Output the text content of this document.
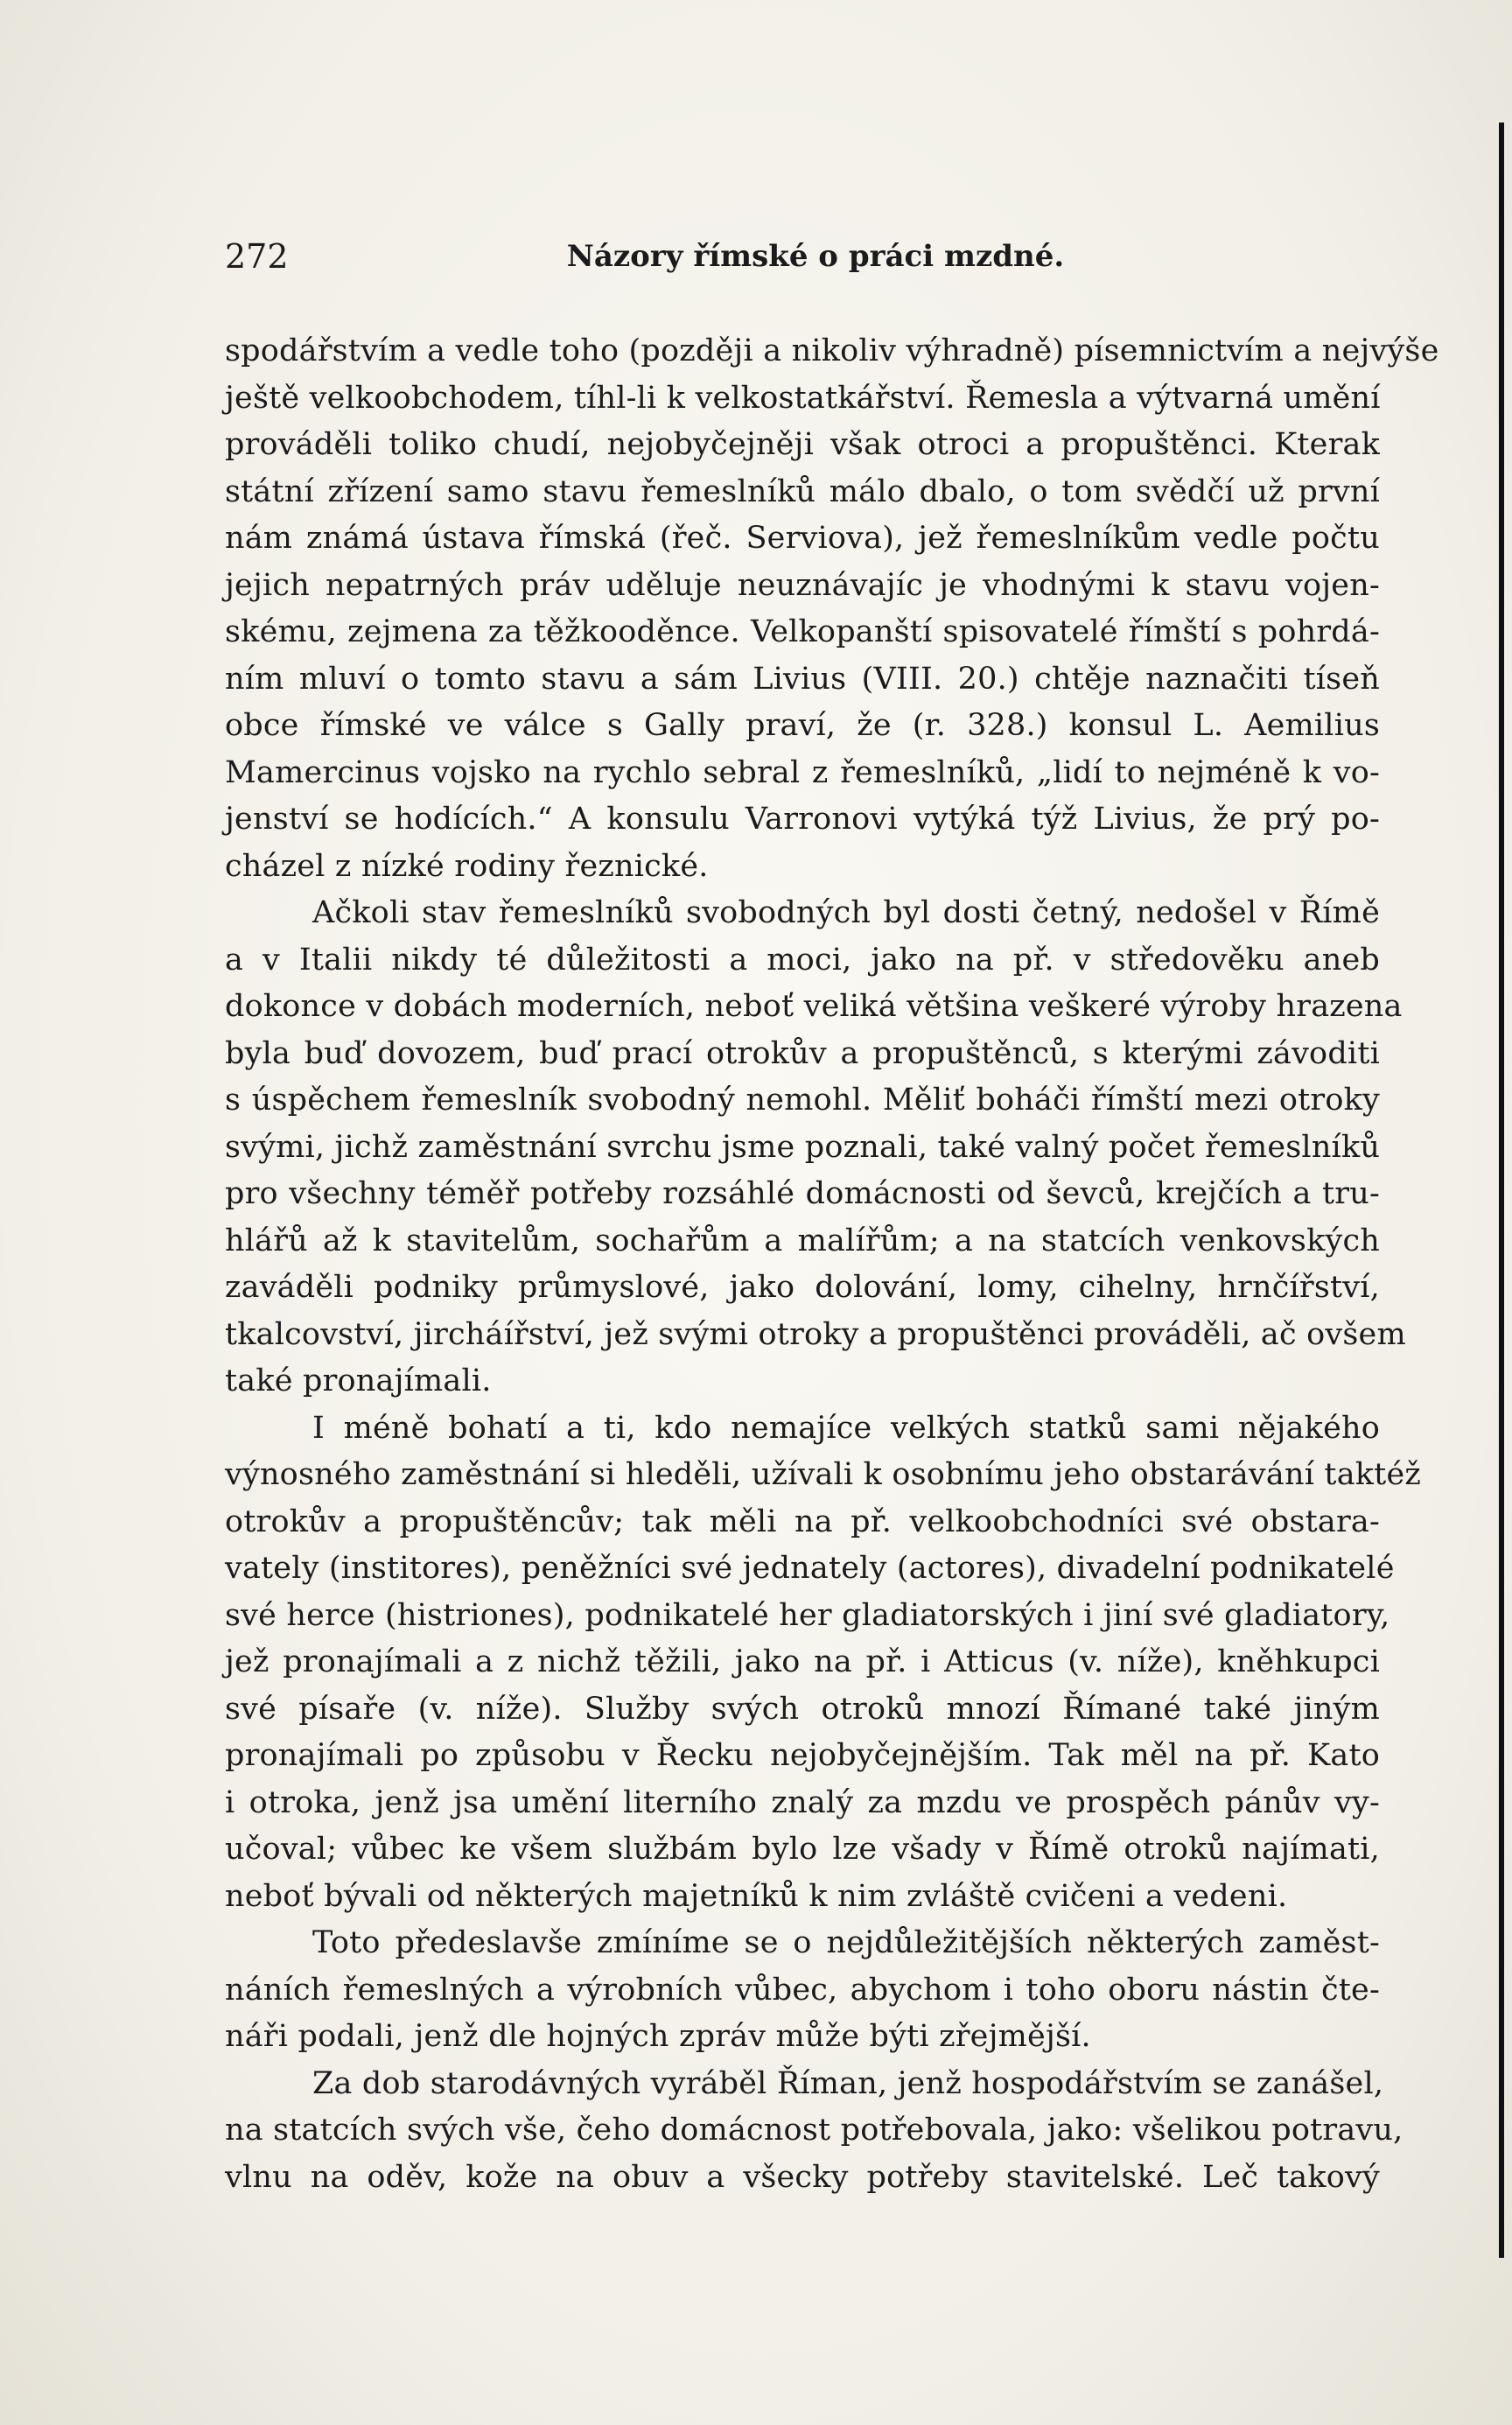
272	Názory římské o práci mzdné.
spodářstvím a vedle toho (později a nikoliv výhradně) písemnictvím a nejvýše
ještě velkoobchodem, tíhl-li k velkostatkářství. Řemesla a výtvarná umění
prováděli toliko chudí, nejobyčejněji však otroci a propuštěnci. Kterak
státní zřízení samo stavu řemeslníků málo dbalo, o tom svědčí už první
nám známá ústava římská (řeč. Serviova), jež řemeslníkům vedle počtu
jejich nepatrných práv uděluje neuznávajíc je vhodnými k stavu vojen-
skému, zejmena za těžkooděnce. Velkopanští spisovatelé římští s pohrdá-
ním mluví o tomto stavu a sám Livius (VIII. 20.) chtěje naznačiti tíseň
obce římské ve válce s Gally praví, že (r. 328.) konsul L. Aemilius
Mamercinus vojsko na rychlo sebral z řemeslníků, „lidí to nejméně k vo-
jenství se hodících.“ A konsulu Varronovi vytýká týž Livius, že prý po-
cházel z nízké rodiny řeznické.
Ačkoli stav řemeslníků svobodných byl dosti četný, nedošel v Římě
a v Italii nikdy té důležitosti a moci, jako na př. v středověku aneb
dokonce v dobách moderních, neboť veliká většina veškeré výroby hrazena
byla buď dovozem, buď prací otrokův a propuštěnců, s kterými závoditi
s úspěchem řemeslník svobodný nemohl. Měliť boháči římští mezi otroky
svými, jichž zaměstnání svrchu jsme poznali, také valný počet řemeslníků
pro všechny téměř potřeby rozsáhlé domácnosti od ševců, krejčích a tru-
hlářů až k stavitelům, sochařům a malířům; a na statcích venkovských
zaváděli podniky průmyslové, jako dolování, lomy, cihelny, hrnčířství,
tkalcovství, jircháířství, jež svými otroky a propuštěnci prováděli, ač ovšem
také pronajímali.
I méně bohatí a ti, kdo nemajíce velkých statků sami nějakého
výnosného zaměstnání si hleděli, užívali k osobnímu jeho obstarávání taktéž
otrokův a propuštěncův; tak měli na př. velkoobchodníci své obstara-
vately (institores), peněžníci své jednately (actores), divadelní podnikatelé
své herce (histriones), podnikatelé her gladiatorských i jiní své gladiatory,
jež pronajímali a z nichž těžili, jako na př. i Atticus (v. níže), kněhkupci
své písaře (v. níže). Služby svých otroků mnozí Římané také jiným
pronajímali po způsobu v Řecku nejobyčejnějším. Tak měl na př. Kato
i otroka, jenž jsa umění literního znalý za mzdu ve prospěch pánův vy-
učoval; vůbec ke všem službám bylo lze všady v Římě otroků najímati,
neboť bývali od některých majetníků k nim zvláště cvičeni a vedeni.
Toto předeslavše zmíníme se o nejdůležitějších některých zaměst-
náních řemeslných a výrobních vůbec, abychom i toho oboru nástin čte-
náři podali, jenž dle hojných zpráv může býti zřejmější.
Za dob starodávných vyráběl Říman, jenž hospodářstvím se zanášel,
na statcích svých vše, čeho domácnost potřebovala, jako: všelikou potravu,
vlnu na oděv, kože na obuv a všecky potřeby stavitelské. Leč takový
